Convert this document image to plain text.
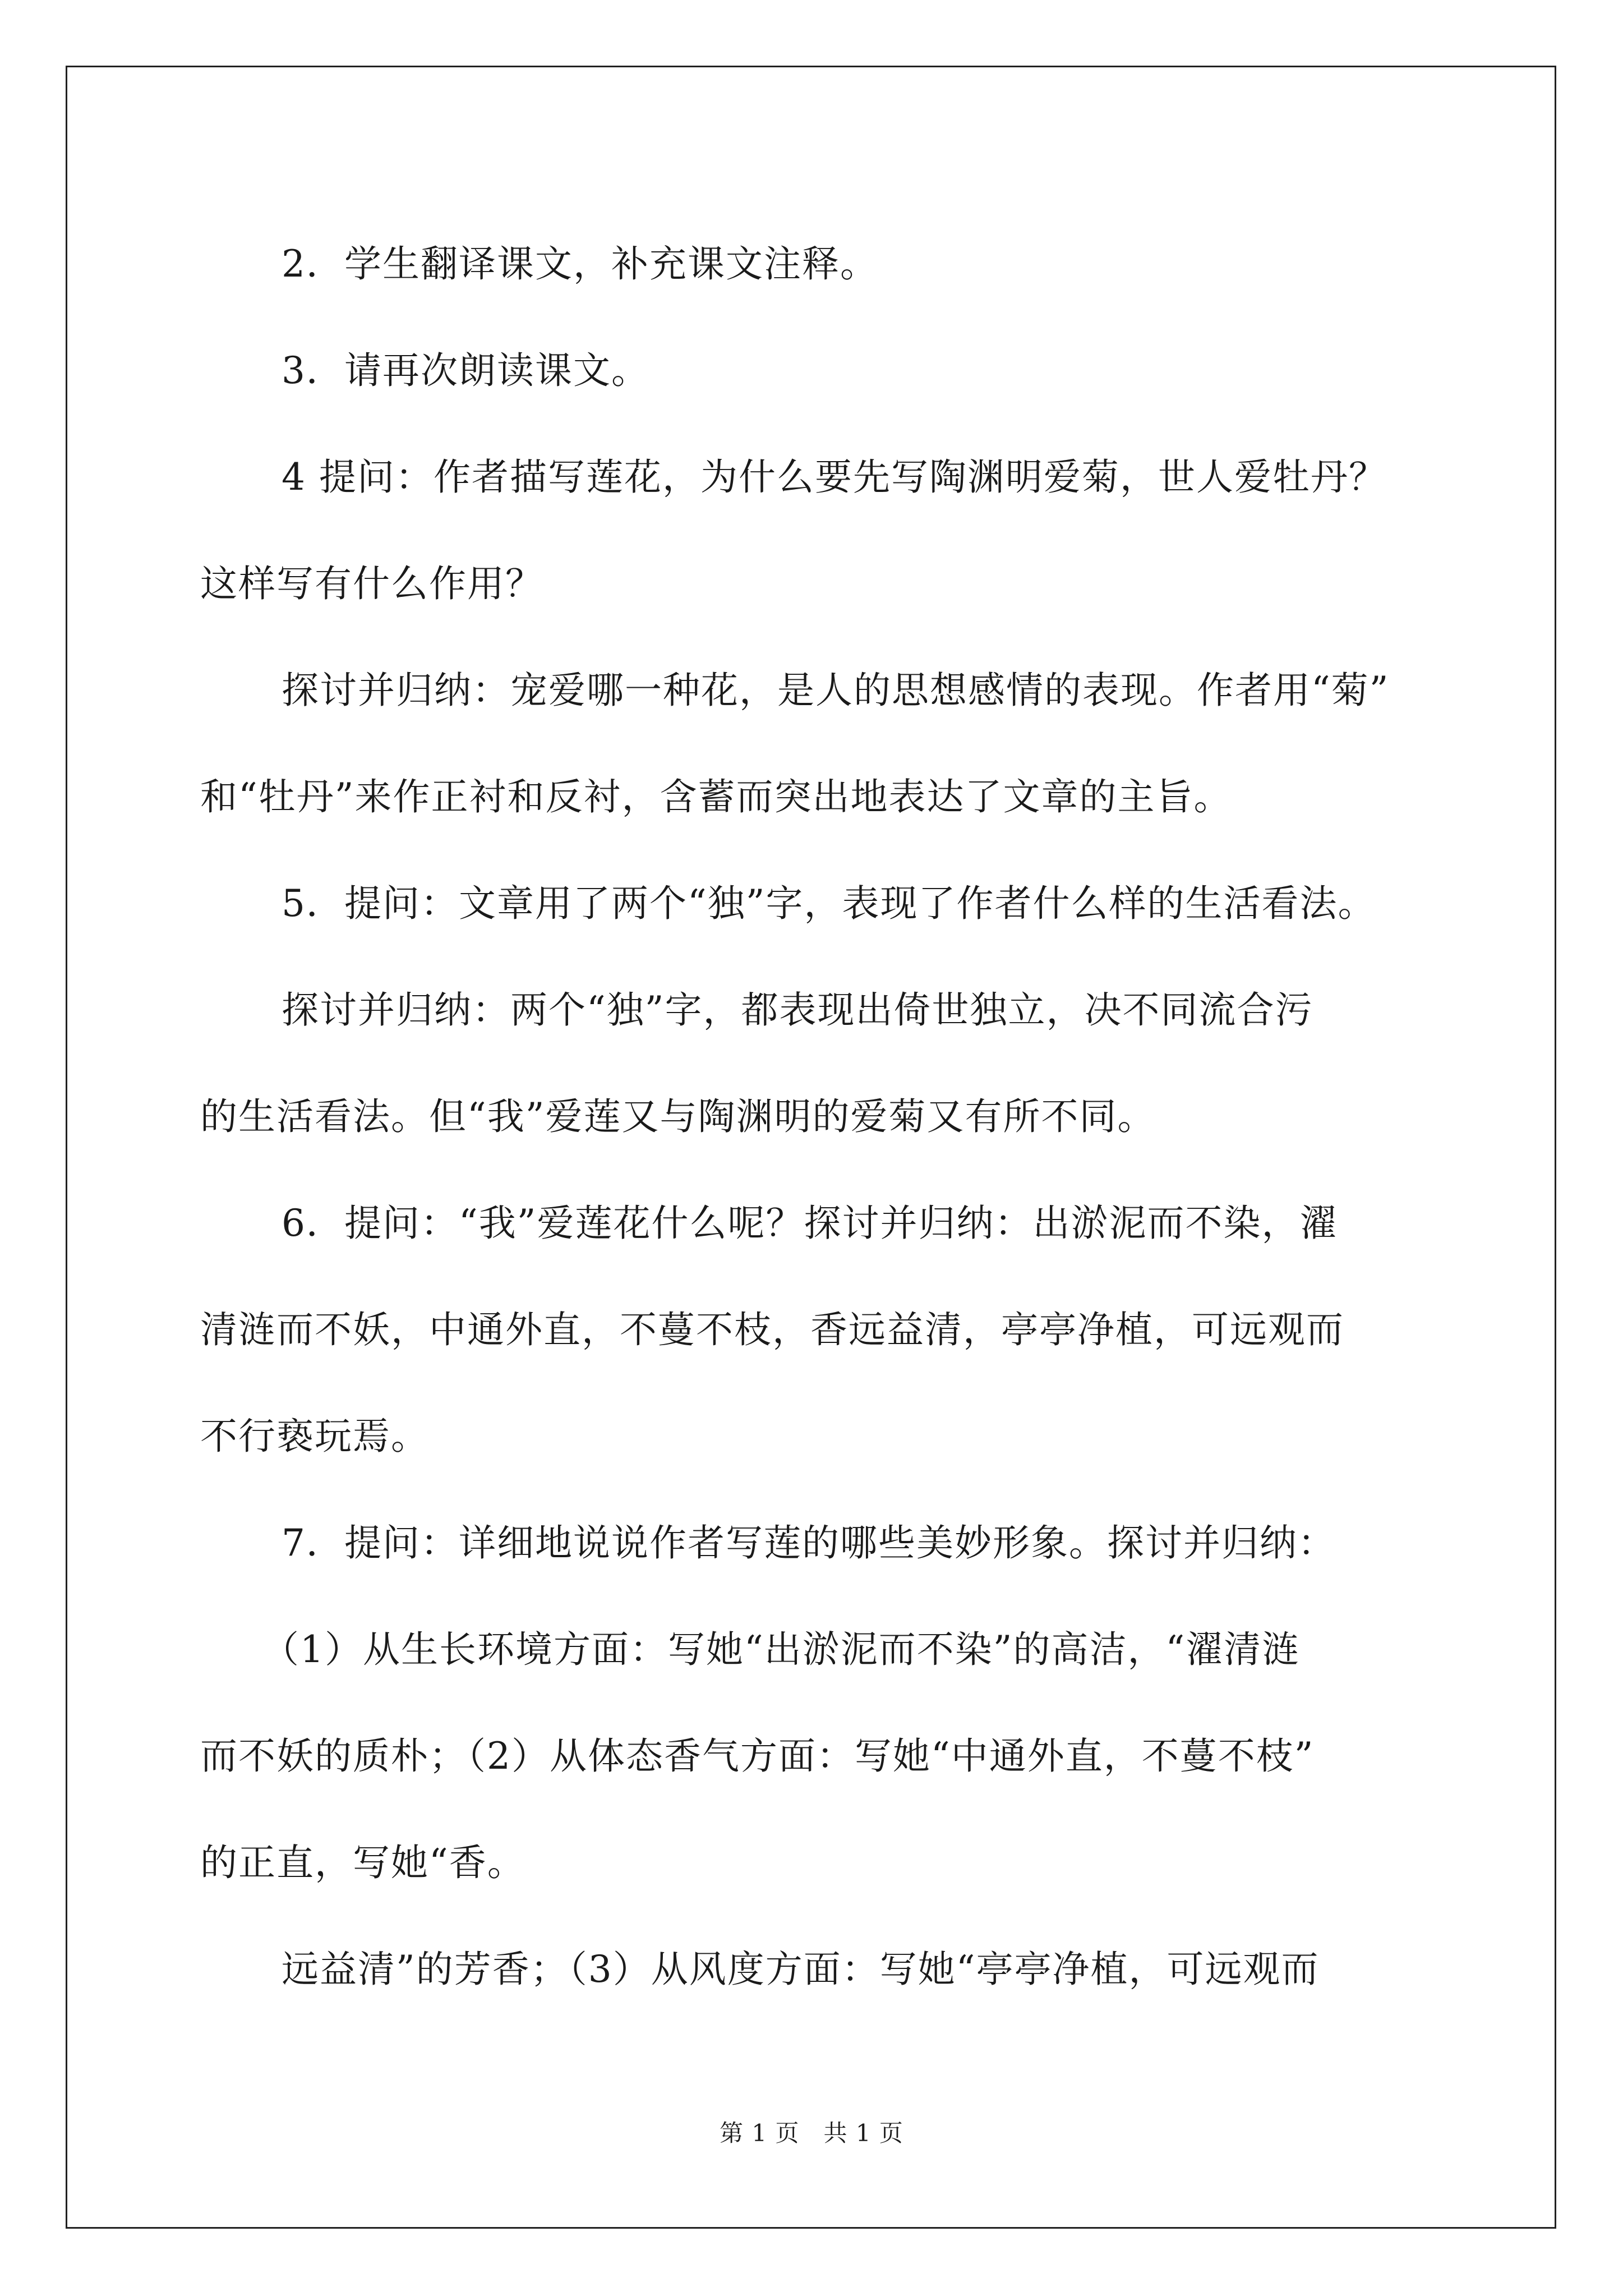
2．学生翻译课文，补充课文注释。

3．请再次朗读课文。

4 提问：作者描写莲花，为什么要先写陶渊明爱菊，世人爱牡丹？

这样写有什么作用？

探讨并归纳：宠爱哪一种花，是人的思想感情的表现。作者用“菊”

和“牡丹”来作正衬和反衬，含蓄而突出地表达了文章的主旨。

5．提问：文章用了两个“独”字，表现了作者什么样的生活看法。

探讨并归纳：两个“独”字，都表现出倚世独立，决不同流合污

的生活看法。但“我”爱莲又与陶渊明的爱菊又有所不同。

6．提问：“我”爱莲花什么呢？探讨并归纳：出淤泥而不染，濯

清涟而不妖，中通外直，不蔓不枝，香远益清，亭亭净植，可远观而

不行亵玩焉。

7．提问：详细地说说作者写莲的哪些美妙形象。探讨并归纳：

（1）从生长环境方面：写她“出淤泥而不染”的高洁，“濯清涟

而不妖的质朴；（2）从体态香气方面：写她“中通外直，不蔓不枝”

的正直，写她“香。

远益清”的芳香；（3）从风度方面：写她“亭亭净植，可远观而

第 1 页　共 1 页
